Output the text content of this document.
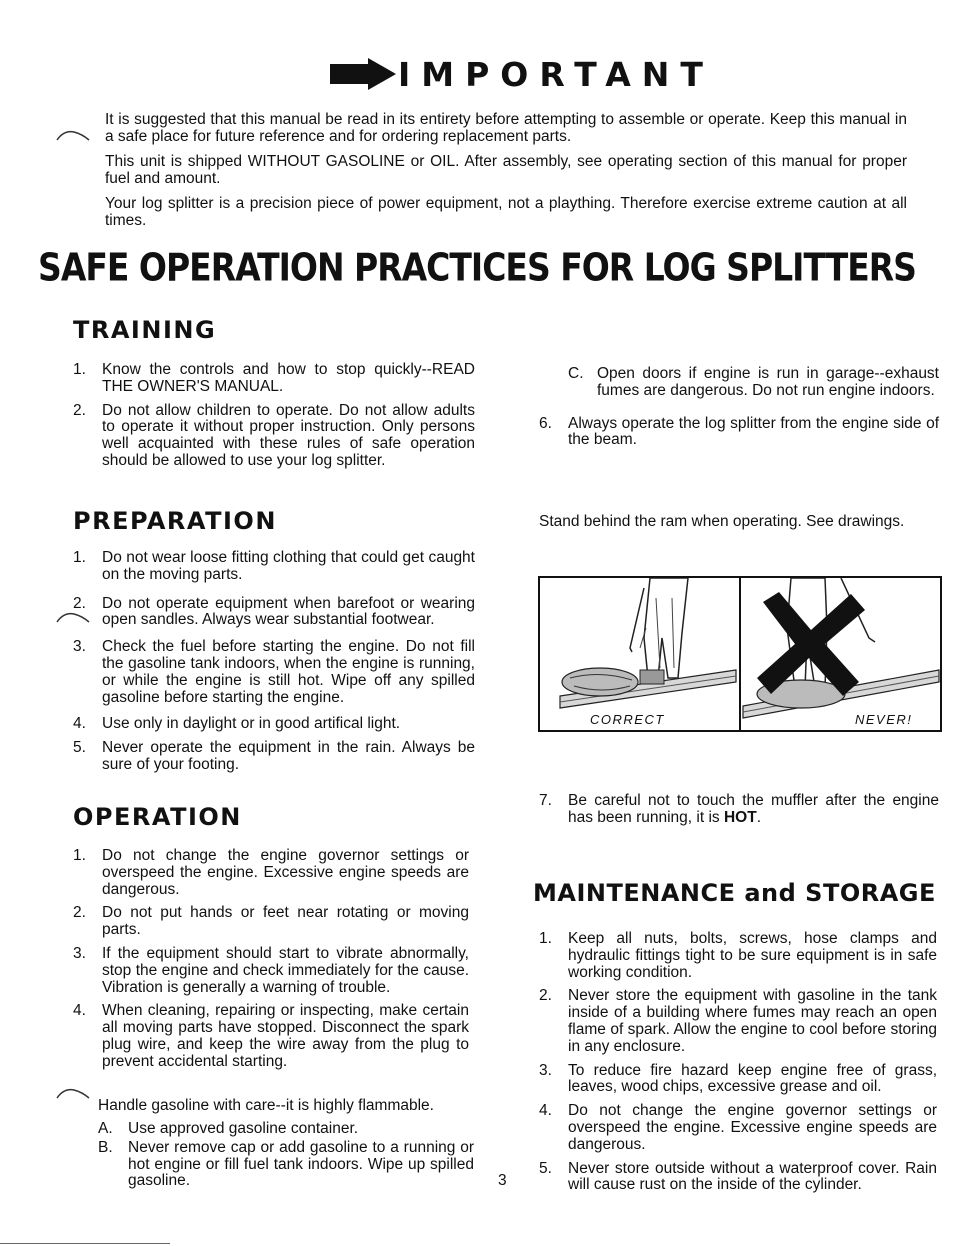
IMPORTANT

It is suggested that this manual be read in its entirety before attempting to assemble or operate. Keep this manual in a safe place for future reference and for ordering replacement parts.

This unit is shipped WITHOUT GASOLINE or OIL. After assembly, see operating section of this manual for proper fuel and amount.

Your log splitter is a precision piece of power equipment, not a plaything. Therefore exercise extreme caution at all times.

SAFE OPERATION PRACTICES FOR LOG SPLITTERS
TRAINING
1. Know the controls and how to stop quickly--READ THE OWNER'S MANUAL.
2. Do not allow children to operate. Do not allow adults to operate it without proper instruction. Only persons well acquainted with these rules of safe operation should be allowed to use your log splitter.
PREPARATION
1. Do not wear loose fitting clothing that could get caught on the moving parts.
2. Do not operate equipment when barefoot or wearing open sandles. Always wear substantial footwear.
3. Check the fuel before starting the engine. Do not fill the gasoline tank indoors, when the engine is running, or while the engine is still hot. Wipe off any spilled gasoline before starting the engine.
4. Use only in daylight or in good artifical light.
5. Never operate the equipment in the rain. Always be sure of your footing.
OPERATION
1. Do not change the engine governor settings or overspeed the engine. Excessive engine speeds are dangerous.
2. Do not put hands or feet near rotating or moving parts.
3. If the equipment should start to vibrate abnormally, stop the engine and check immediately for the cause. Vibration is generally a warning of trouble.
4. When cleaning, repairing or inspecting, make certain all moving parts have stopped. Disconnect the spark plug wire, and keep the wire away from the plug to prevent accidental starting.
Handle gasoline with care--it is highly flammable.
A. Use approved gasoline container.
B. Never remove cap or add gasoline to a running or hot engine or fill fuel tank indoors. Wipe up spilled gasoline.
C. Open doors if engine is run in garage--exhaust fumes are dangerous. Do not run engine indoors.
6. Always operate the log splitter from the engine side of the beam.
Stand behind the ram when operating. See drawings.
CORRECT	NEVER!
7. Be careful not to touch the muffler after the engine has been running, it is HOT.
MAINTENANCE and STORAGE
1. Keep all nuts, bolts, screws, hose clamps and hydraulic fittings tight to be sure equipment is in safe working condition.
2. Never store the equipment with gasoline in the tank inside of a building where fumes may reach an open flame of spark. Allow the engine to cool before storing in any enclosure.
3. To reduce fire hazard keep engine free of grass, leaves, wood chips, excessive grease and oil.
4. Do not change the engine governor settings or overspeed the engine. Excessive engine speeds are dangerous.
5. Never store outside without a waterproof cover. Rain will cause rust on the inside of the cylinder.
3
